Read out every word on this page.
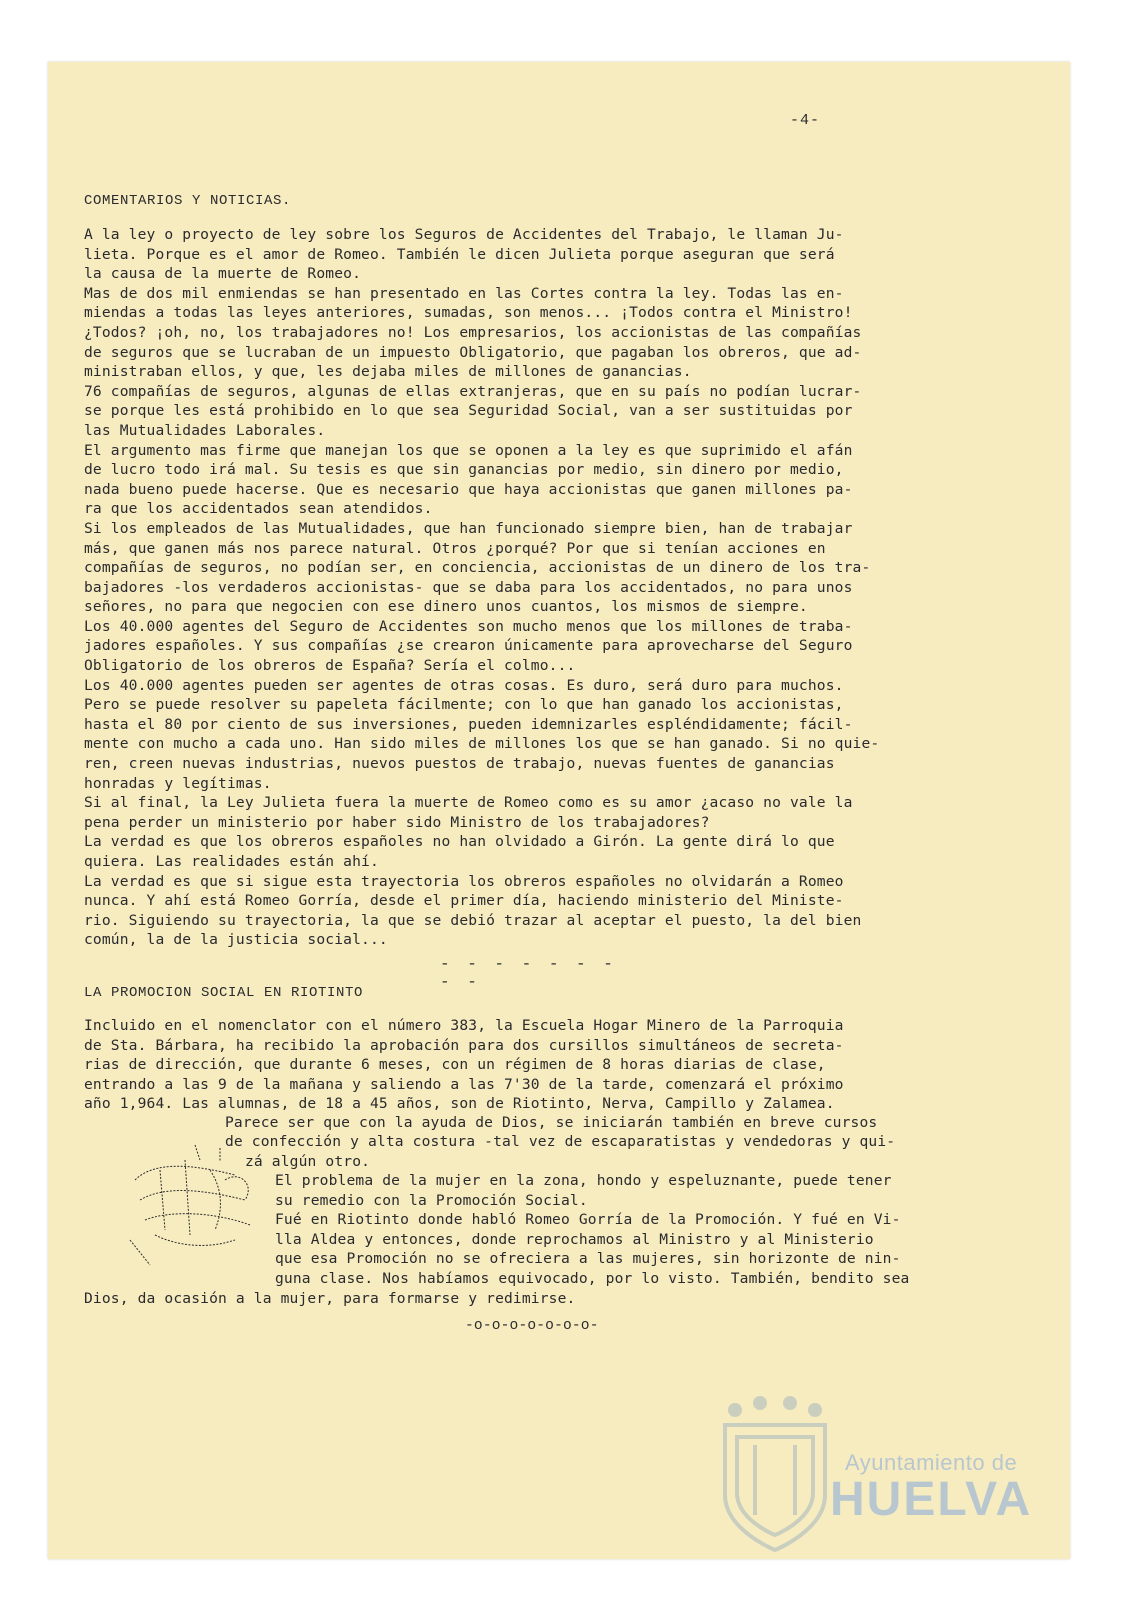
-4-
COMENTARIOS Y NOTICIAS.
A la ley o proyecto de ley sobre los Seguros de Accidentes del Trabajo, le llaman Ju-
lieta. Porque es el amor de Romeo. También le dicen Julieta porque aseguran que será
la causa de la muerte de Romeo.
Mas de dos mil enmiendas se han presentado en las Cortes contra la ley. Todas las en-
miendas a todas las leyes anteriores, sumadas, son menos... ¡Todos contra el Ministro!
¿Todos? ¡oh, no, los trabajadores no! Los empresarios, los accionistas de las compañías
de seguros que se lucraban de un impuesto Obligatorio, que pagaban los obreros, que ad-
ministraban ellos, y que, les dejaba miles de millones de ganancias.
76 compañías de seguros, algunas de ellas extranjeras, que en su país no podían lucrar-
se porque les está prohibido en lo que sea Seguridad Social, van a ser sustituidas por
las Mutualidades Laborales.
El argumento mas firme que manejan los que se oponen a la ley es que suprimido el afán
de lucro todo irá mal. Su tesis es que sin ganancias por medio, sin dinero por medio,
nada bueno puede hacerse. Que es necesario que haya accionistas que ganen millones pa-
ra que los accidentados sean atendidos.
Si los empleados de las Mutualidades, que han funcionado siempre bien, han de trabajar
más, que ganen más nos parece natural. Otros ¿porqué? Por que si tenían acciones en
compañías de seguros, no podían ser, en conciencia, accionistas de un dinero de los tra-
bajadores -los verdaderos accionistas- que se daba para los accidentados, no para unos
señores, no para que negocien con ese dinero unos cuantos, los mismos de siempre.
Los 40.000 agentes del Seguro de Accidentes son mucho menos que los millones de traba-
jadores españoles. Y sus compañías ¿se crearon únicamente para aprovecharse del Seguro
Obligatorio de los obreros de España? Sería el colmo...
Los 40.000 agentes pueden ser agentes de otras cosas. Es duro, será duro para muchos.
Pero se puede resolver su papeleta fácilmente; con lo que han ganado los accionistas,
hasta el 80 por ciento de sus inversiones, pueden idemnizarles espléndidamente; fácil-
mente con mucho a cada uno. Han sido miles de millones los que se han ganado. Si no quie-
ren, creen nuevas industrias, nuevos puestos de trabajo, nuevas fuentes de ganancias
honradas y legítimas.
Si al final, la Ley Julieta fuera la muerte de Romeo como es su amor ¿acaso no vale la
pena perder un ministerio por haber sido Ministro de los trabajadores?
La verdad es que los obreros españoles no han olvidado a Girón. La gente dirá lo que
quiera. Las realidades están ahí.
La verdad es que si sigue esta trayectoria los obreros españoles no olvidarán a Romeo
nunca. Y ahí está Romeo Gorría, desde el primer día, haciendo ministerio del Ministe-
rio. Siguiendo su trayectoria, la que se debió trazar al aceptar el puesto, la del bien
común, la de la justicia social...
- - - - - - - - -
LA PROMOCION SOCIAL EN RIOTINTO
Incluido en el nomenclator con el número 383, la Escuela Hogar Minero de la Parroquia
de Sta. Bárbara, ha recibido la aprobación para dos cursillos simultáneos de secreta-
rias de dirección, que durante 6 meses, con un régimen de 8 horas diarias de clase,
entrando a las 9 de la mañana y saliendo a las 7'30 de la tarde, comenzará el próximo
año 1,964. Las alumnas, de 18 a 45 años, son de Riotinto, Nerva, Campillo y Zalamea.
Parece ser que con la ayuda de Dios, se iniciarán también en breve cursos
de confección y alta costura -tal vez de escaparatistas y vendedoras y qui-
zá algún otro.
El problema de la mujer en la zona, hondo y espeluznante, puede tener
su remedio con la Promoción Social.
Fué en Riotinto donde habló Romeo Gorría de la Promoción. Y fué en Vi-
lla Aldea y entonces, donde reprochamos al Ministro y al Ministerio
que esa Promoción no se ofreciera a las mujeres, sin horizonte de nin-
guna clase. Nos habíamos equivocado, por lo visto. También, bendito sea
Dios, da ocasión a la mujer, para formarse y redimirse.
-o-o-o-o-o-o-o-
Ayuntamiento de
HUELVA
